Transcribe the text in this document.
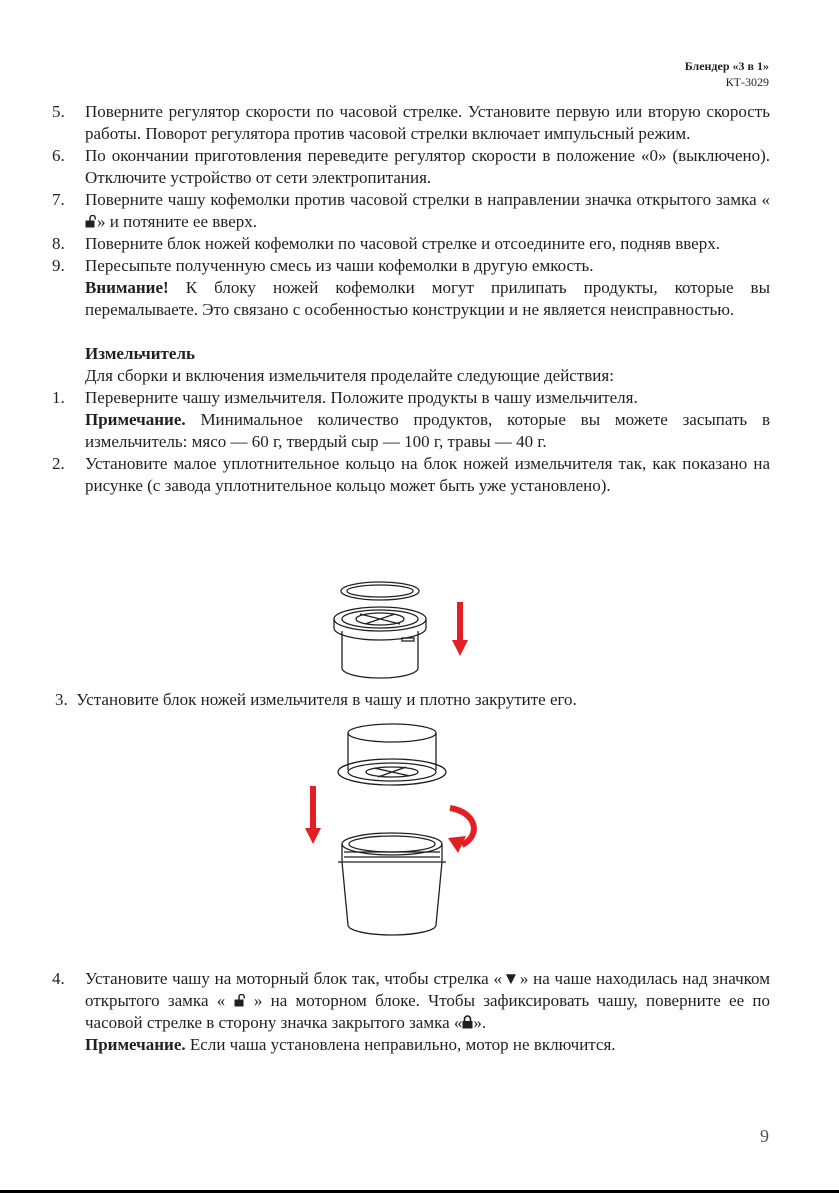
Блендер «3 в 1»
КТ-3029
5.	Поверните регулятор скорости по часовой стрелке. Установите первую или вторую скорость работы. Поворот регулятора против часовой стрелки включает импульсный режим.
6.	По окончании приготовления переведите регулятор скорости в положение «0» (выключено). Отключите устройство от сети электропитания.
7.	Поверните чашу кофемолки против часовой стрелки в направлении значка открытого замка «» и потяните ее вверх.
8.	Поверните блок ножей кофемолки по часовой стрелке и отсоедините его, подняв вверх.
9.	Пересыпьте полученную смесь из чаши кофемолки в другую емкость.
Внимание! К блоку ножей кофемолки могут прилипать продукты, которые вы перемалываете. Это связано с особенностью конструкции и не является неисправностью.
Измельчитель
Для сборки и включения измельчителя проделайте следующие действия:
1.	Переверните чашу измельчителя. Положите продукты в чашу измельчителя.
Примечание. Минимальное количество продуктов, которые вы можете засыпать в измельчитель: мясо — 60 г, твердый сыр — 100 г, травы — 40 г.
2.	Установите малое уплотнительное кольцо на блок ножей измельчителя так, как показано на рисунке (с завода уплотнительное кольцо может быть уже установлено).
3. Установите блок ножей измельчителя в чашу и плотно закрутите его.
4.	Установите чашу на моторный блок так, чтобы стрелка «▼» на чаше находилась над значком открытого замка «  » на моторном блоке. Чтобы зафиксировать чашу, поверните ее по часовой стрелке в сторону значка закрытого замка « ».
Примечание. Если чаша установлена неправильно, мотор не включится.
9
